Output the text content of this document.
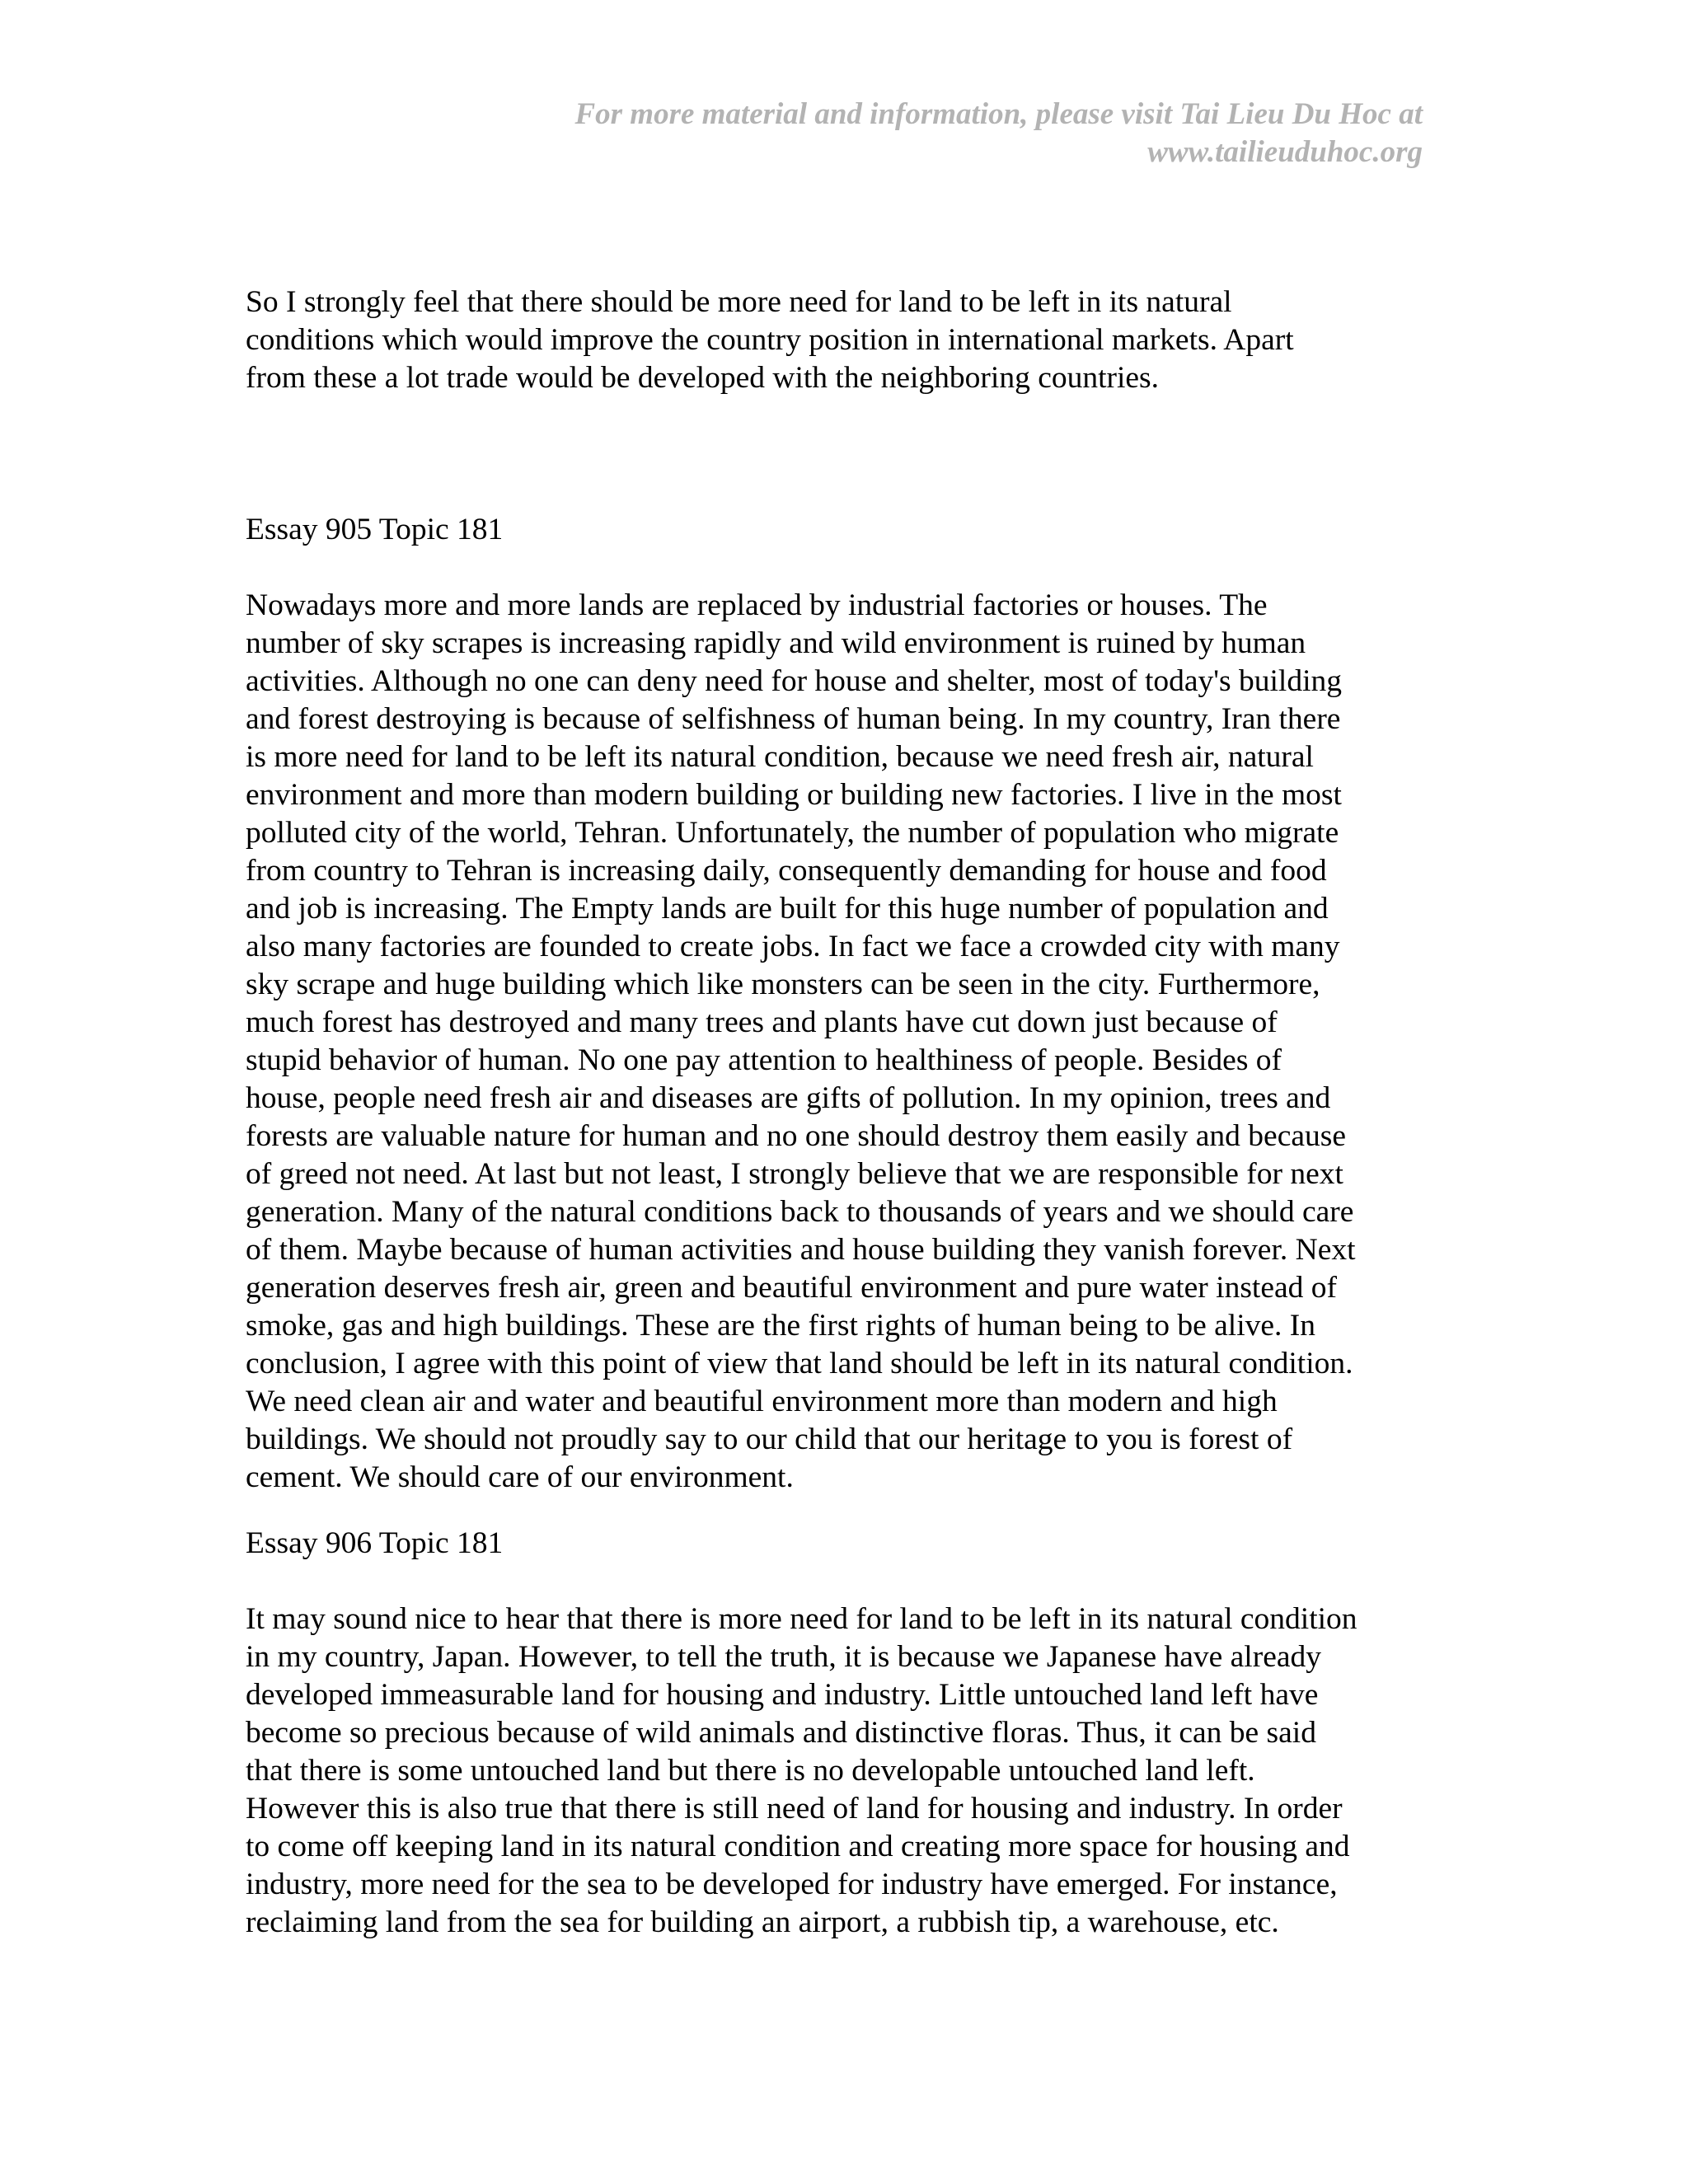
For more material and information, please visit Tai Lieu Du Hoc at
www.tailieuduhoc.org
So I strongly feel that there should be more need for land to be left in its natural
conditions which would improve the country position in international markets. Apart
from these a lot trade would be developed with the neighboring countries.
Essay 905 Topic 181
Nowadays more and more lands are replaced by industrial factories or houses. The
number of sky scrapes is increasing rapidly and wild environment is ruined by human
activities. Although no one can deny need for house and shelter, most of today's building
and forest destroying is because of selfishness of human being. In my country, Iran there
is more need for land to be left its natural condition, because we need fresh air, natural
environment and more than modern building or building new factories. I live in the most
polluted city of the world, Tehran. Unfortunately, the number of population who migrate
from country to Tehran is increasing daily, consequently demanding for house and food
and job is increasing. The Empty lands are built for this huge number of population and
also many factories are founded to create jobs. In fact we face a crowded city with many
sky scrape and huge building which like monsters can be seen in the city. Furthermore,
much forest has destroyed and many trees and plants have cut down just because of
stupid behavior of human. No one pay attention to healthiness of people. Besides of
house, people need fresh air and diseases are gifts of pollution. In my opinion, trees and
forests are valuable nature for human and no one should destroy them easily and because
of greed not need. At last but not least, I strongly believe that we are responsible for next
generation. Many of the natural conditions back to thousands of years and we should care
of them. Maybe because of human activities and house building they vanish forever. Next
generation deserves fresh air, green and beautiful environment and pure water instead of
smoke, gas and high buildings. These are the first rights of human being to be alive. In
conclusion, I agree with this point of view that land should be left in its natural condition.
We need clean air and water and beautiful environment more than modern and high
buildings. We should not proudly say to our child that our heritage to you is forest of
cement. We should care of our environment.
Essay 906 Topic 181
It may sound nice to hear that there is more need for land to be left in its natural condition
in my country, Japan. However, to tell the truth, it is because we Japanese have already
developed immeasurable land for housing and industry. Little untouched land left have
become so precious because of wild animals and distinctive floras. Thus, it can be said
that there is some untouched land but there is no developable untouched land left.
However this is also true that there is still need of land for housing and industry. In order
to come off keeping land in its natural condition and creating more space for housing and
industry, more need for the sea to be developed for industry have emerged. For instance,
reclaiming land from the sea for building an airport, a rubbish tip, a warehouse, etc.
